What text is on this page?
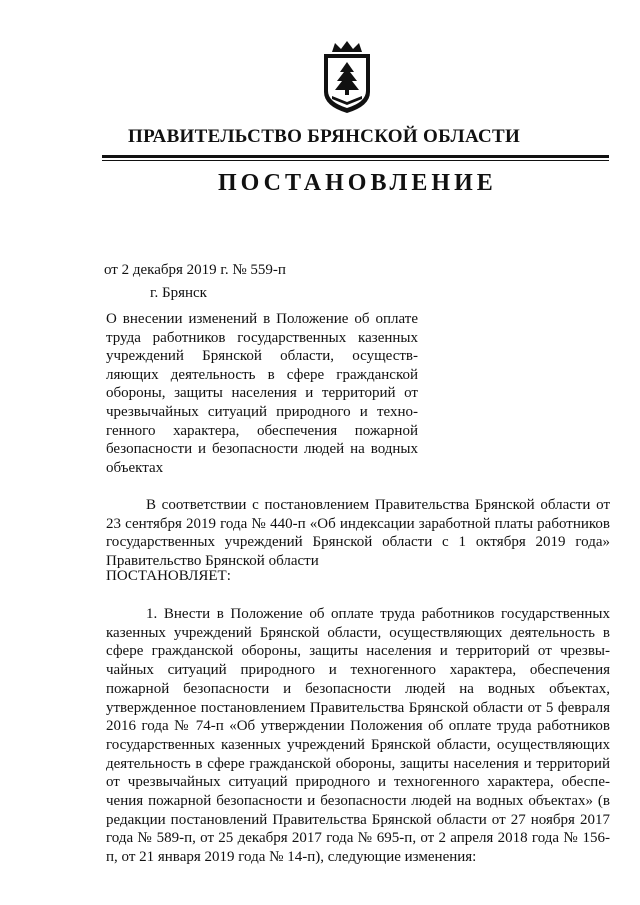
ПРАВИТЕЛЬСТВО БРЯНСКОЙ ОБЛАСТИ
ПОСТАНОВЛЕНИЕ
от 2 декабря 2019 г. № 559-п
г. Брянск
О внесении изменений в Положение об оплате труда работников государственных казенных учреждений Брянской области, осуществляющих деятельность в сфере гражданской обороны, защиты населения и территорий от чрезвычайных ситуаций природного и техногенного характера, обеспечения пожарной безопасности и безопасности людей на водных объектах
В соответствии с постановлением Правительства Брянской области от 23 сентября 2019 года № 440-п «Об индексации заработной платы работников государственных учреждений Брянской области с 1 октября 2019 года» Правительство Брянской области
ПОСТАНОВЛЯЕТ:
1. Внести в Положение об оплате труда работников государственных казенных учреждений Брянской области, осуществляющих деятельность в сфере гражданской обороны, защиты населения и территорий от чрезвычайных ситуаций природного и техногенного характера, обеспечения пожарной безопасности и безопасности людей на водных объектах, утвержденное постановлением Правительства Брянской области от 5 февраля 2016 года № 74-п «Об утверждении Положения об оплате труда работников государственных казенных учреждений Брянской области, осуществляющих деятельность в сфере гражданской обороны, защиты населения и территорий от чрезвычайных ситуаций природного и техногенного характера, обеспечения пожарной безопасности и безопасности людей на водных объектах» (в редакции постановлений Правительства Брянской области от 27 ноября 2017 года № 589-п, от 25 декабря 2017 года № 695-п, от 2 апреля 2018 года № 156-п, от 21 января 2019 года № 14-п), следующие изменения:
